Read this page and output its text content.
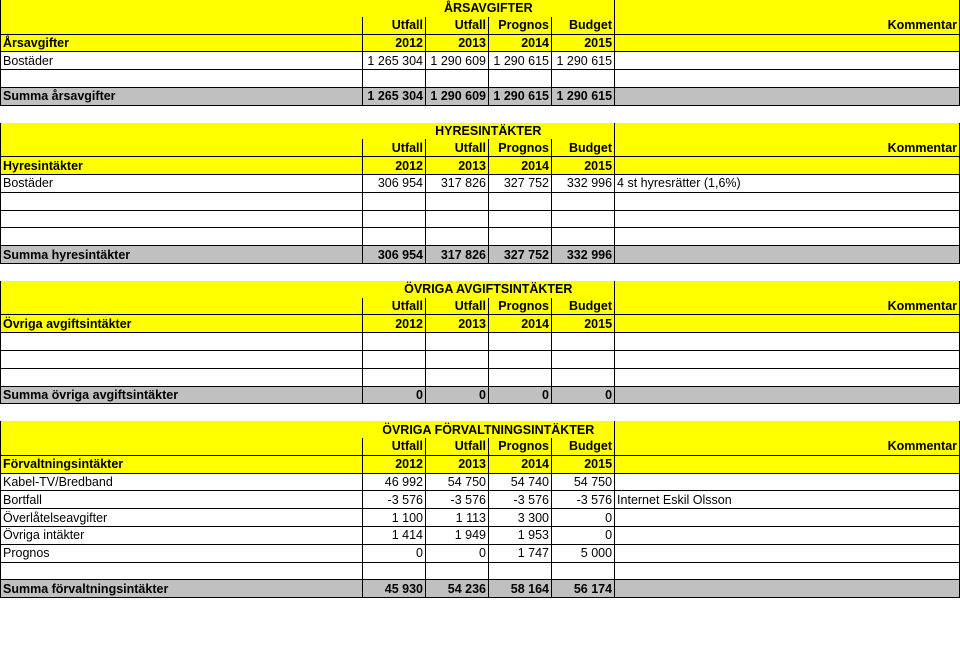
	ÅRSAVGIFTER				
	Utfall	Utfall	Prognos	Budget	Kommentar
Årsavgifter	2012	2013	2014	2015	
Bostäder	1 265 304	1 290 609	1 290 615	1 290 615	

Summa årsavgifter	1 265 304	1 290 609	1 290 615	1 290 615	

	HYRESINTÄKTER				
	Utfall	Utfall	Prognos	Budget	Kommentar
Hyresintäkter	2012	2013	2014	2015	
Bostäder	306 954	317 826	327 752	332 996	4 st hyresrätter (1,6%)

Summa hyresintäkter	306 954	317 826	327 752	332 996	

	ÖVRIGA AVGIFTSINTÄKTER				
	Utfall	Utfall	Prognos	Budget	Kommentar
Övriga avgiftsintäkter	2012	2013	2014	2015	

Summa övriga avgiftsintäkter	0	0	0	0	

	ÖVRIGA FÖRVALTNINGSINTÄKTER				
	Utfall	Utfall	Prognos	Budget	Kommentar
Förvaltningsintäkter	2012	2013	2014	2015	
Kabel-TV/Bredband	46 992	54 750	54 740	54 750	
Bortfall	-3 576	-3 576	-3 576	-3 576	Internet Eskil Olsson
Överlåtelseavgifter	1 100	1 113	3 300	0	
Övriga intäkter	1 414	1 949	1 953	0	
Prognos	0	0	1 747	5 000	

Summa förvaltningsintäkter	45 930	54 236	58 164	56 174	
